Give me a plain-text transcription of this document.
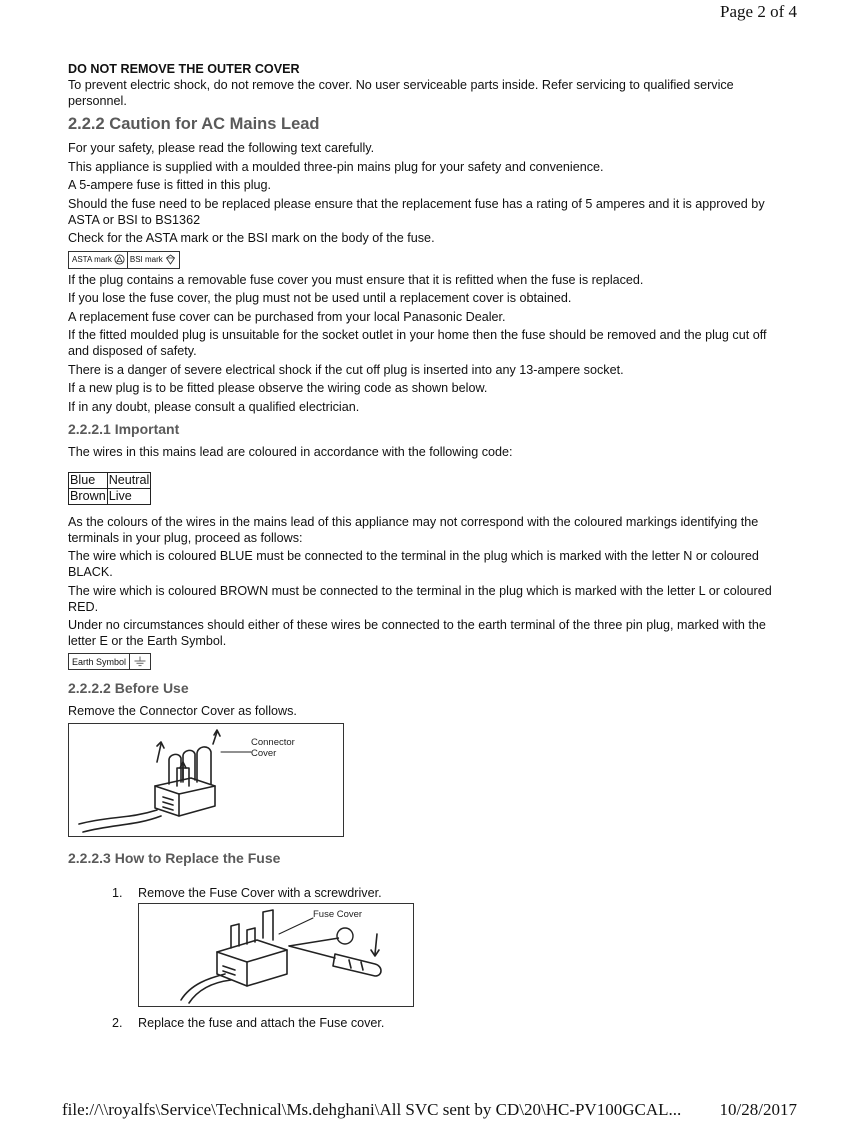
Page 2 of 4

DO NOT REMOVE THE OUTER COVER

To prevent electric shock, do not remove the cover. No user serviceable parts inside. Refer servicing to qualified service personnel.

2.2.2 Caution for AC Mains Lead

For your safety, please read the following text carefully.

This appliance is supplied with a moulded three-pin mains plug for your safety and convenience.

A 5-ampere fuse is fitted in this plug.

Should the fuse need to be replaced please ensure that the replacement fuse has a rating of 5 amperes and it is approved by ASTA or BSI to BS1362

Check for the ASTA mark or the BSI mark on the body of the fuse.

ASTA mark BSI mark

If the plug contains a removable fuse cover you must ensure that it is refitted when the fuse is replaced.

If you lose the fuse cover, the plug must not be used until a replacement cover is obtained.

A replacement fuse cover can be purchased from your local Panasonic Dealer.

If the fitted moulded plug is unsuitable for the socket outlet in your home then the fuse should be removed and the plug cut off and disposed of safety.

There is a danger of severe electrical shock if the cut off plug is inserted into any 13-ampere socket.

If a new plug is to be fitted please observe the wiring code as shown below.

If in any doubt, please consult a qualified electrician.

2.2.2.1 Important

The wires in this mains lead are coloured in accordance with the following code:

Blue	Neutral
Brown	Live

As the colours of the wires in the mains lead of this appliance may not correspond with the coloured markings identifying the terminals in your plug, proceed as follows:

The wire which is coloured BLUE must be connected to the terminal in the plug which is marked with the letter N or coloured BLACK.

The wire which is coloured BROWN must be connected to the terminal in the plug which is marked with the letter L or coloured RED.

Under no circumstances should either of these wires be connected to the earth terminal of the three pin plug, marked with the letter E or the Earth Symbol.

Earth Symbol
2.2.2.2 Before Use

Remove the Connector Cover as follows.

Connector
Cover
2.2.2.3 How to Replace the Fuse

1. Remove the Fuse Cover with a screwdriver.

Fuse Cover

2. Replace the fuse and attach the Fuse cover.

file://\\royalfs\Service\Technical\Ms.dehghani\All SVC sent by CD\20\HC-PV100GCAL... 10/28/2017
